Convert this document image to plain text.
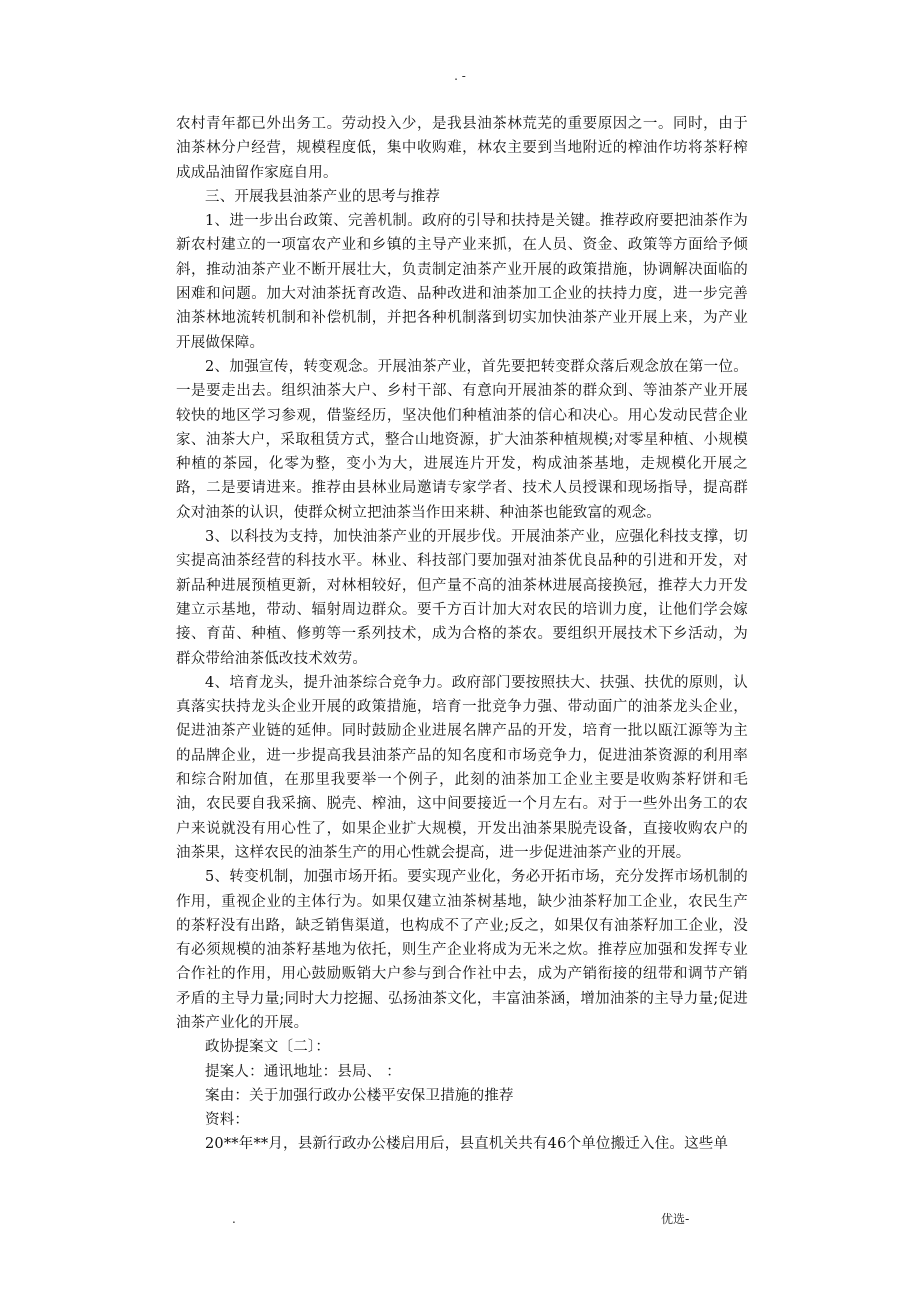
. -

农村青年都已外出务工。劳动投入少，是我县油茶林荒芜的重要原因之一。同时，由于油茶林分户经营，规模程度低，集中收购难，林农主要到当地附近的榨油作坊将茶籽榨成成品油留作家庭自用。

三、开展我县油茶产业的思考与推荐

1、进一步出台政策、完善机制。政府的引导和扶持是关键。推荐政府要把油茶作为新农村建立的一项富农产业和乡镇的主导产业来抓，在人员、资金、政策等方面给予倾斜，推动油茶产业不断开展壮大，负责制定油茶产业开展的政策措施，协调解决面临的困难和问题。加大对油茶抚育改造、品种改进和油茶加工企业的扶持力度，进一步完善油茶林地流转机制和补偿机制，并把各种机制落到切实加快油茶产业开展上来，为产业开展做保障。

2、加强宣传，转变观念。开展油茶产业，首先要把转变群众落后观念放在第一位。一是要走出去。组织油茶大户、乡村干部、有意向开展油茶的群众到、等油茶产业开展较快的地区学习参观，借鉴经历，坚决他们种植油茶的信心和决心。用心发动民营企业家、油茶大户，采取租赁方式，整合山地资源，扩大油茶种植规模;对零星种植、小规模种植的茶园，化零为整，变小为大，进展连片开发，构成油茶基地，走规模化开展之路，二是要请进来。推荐由县林业局邀请专家学者、技术人员授课和现场指导，提高群众对油茶的认识，使群众树立把油茶当作田来耕、种油茶也能致富的观念。

3、以科技为支持，加快油茶产业的开展步伐。开展油茶产业，应强化科技支撑，切实提高油茶经营的科技水平。林业、科技部门要加强对油茶优良品种的引进和开发，对新品种进展预植更新，对林相较好，但产量不高的油茶林进展高接换冠，推荐大力开发建立示基地，带动、辐射周边群众。要千方百计加大对农民的培训力度，让他们学会嫁接、育苗、种植、修剪等一系列技术，成为合格的茶农。要组织开展技术下乡活动，为群众带给油茶低改技术效劳。

4、培育龙头，提升油茶综合竞争力。政府部门要按照扶大、扶强、扶优的原则，认真落实扶持龙头企业开展的政策措施，培育一批竞争力强、带动面广的油茶龙头企业，促进油茶产业链的延伸。同时鼓励企业进展名牌产品的开发，培育一批以瓯江源等为主的品牌企业，进一步提高我县油茶产品的知名度和市场竞争力，促进油茶资源的利用率和综合附加值，在那里我要举一个例子，此刻的油茶加工企业主要是收购茶籽饼和毛油，农民要自我采摘、脱壳、榨油，这中间要接近一个月左右。对于一些外出务工的农户来说就没有用心性了，如果企业扩大规模，开发出油茶果脱壳设备，直接收购农户的油茶果，这样农民的油茶生产的用心性就会提高，进一步促进油茶产业的开展。

5、转变机制，加强市场开拓。要实现产业化，务必开拓市场，充分发挥市场机制的作用，重视企业的主体行为。如果仅建立油茶树基地，缺少油茶籽加工企业，农民生产的茶籽没有出路，缺乏销售渠道，也构成不了产业;反之，如果仅有油茶籽加工企业，没有必须规模的油茶籽基地为依托，则生产企业将成为无米之炊。推荐应加强和发挥专业合作社的作用，用心鼓励贩销大户参与到合作社中去，成为产销衔接的纽带和调节产销矛盾的主导力量;同时大力挖掘、弘扬油茶文化，丰富油茶涵，增加油茶的主导力量;促进油茶产业化的开展。

政协提案文〔二〕：

提案人：通讯地址：县局、 ：

案由：关于加强行政办公楼平安保卫措施的推荐

资料：

20**年**月，县新行政办公楼启用后，县直机关共有46个单位搬迁入住。这些单

.	优选-
